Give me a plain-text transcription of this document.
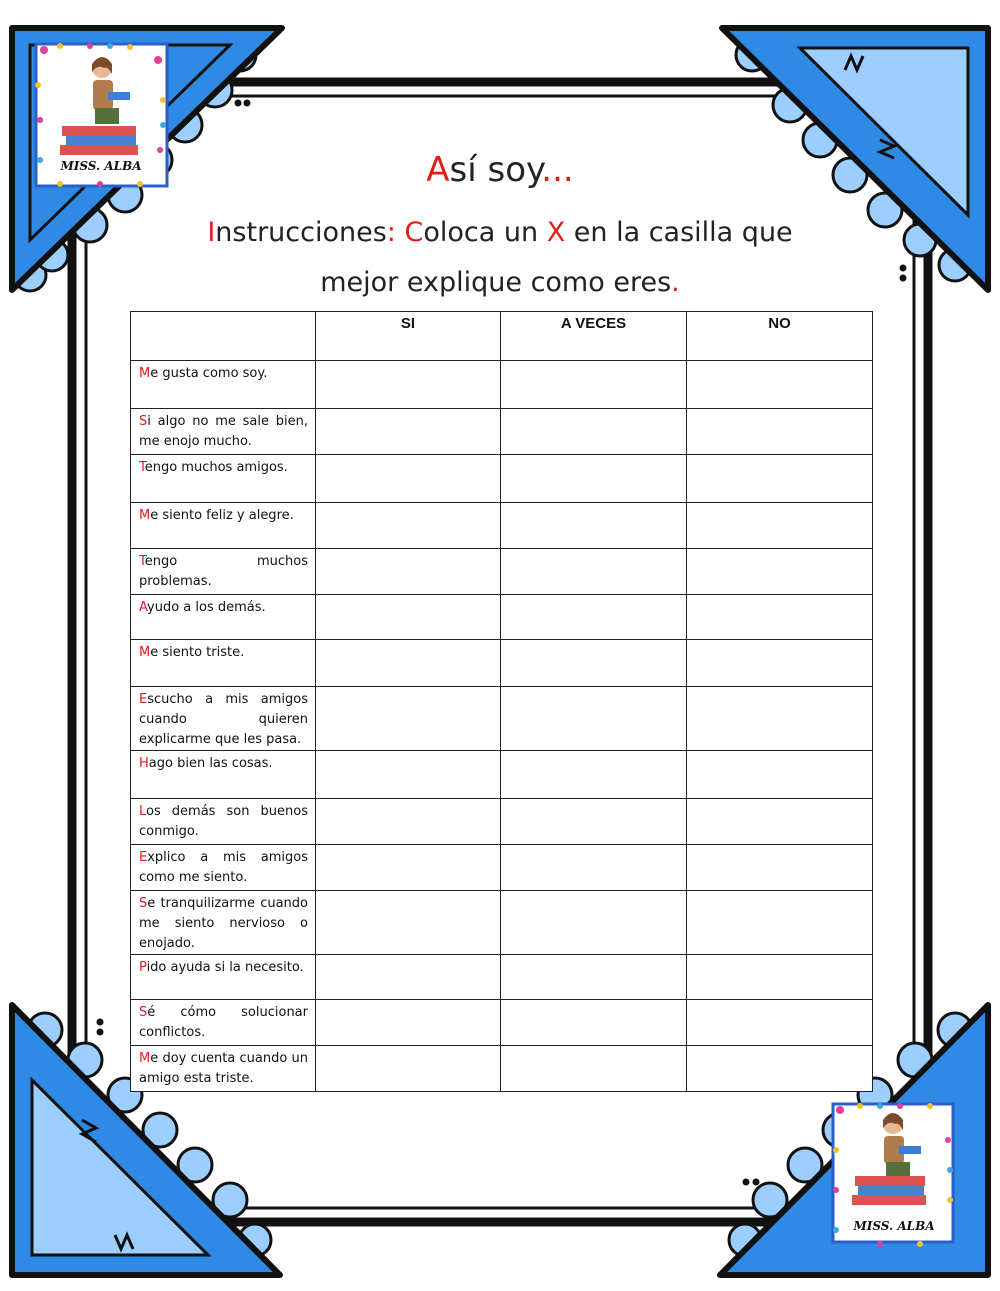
MISS. ALBA
MISS. ALBA
Así soy...
Instrucciones: Coloca un X en la casilla que mejor explique como eres.
	SI	A VECES	NO
Me gusta como soy.			
Si algo no me sale bien, me enojo mucho.			
Tengo muchos amigos.			
Me siento feliz y alegre.			
Tengo muchos problemas.			
Ayudo a los demás.			
Me siento triste.			
Escucho a mis amigos cuando quieren explicarme que les pasa.			
Hago bien las cosas.			
Los demás son buenos conmigo.			
Explico a mis amigos como me siento.			
Se tranquilizarme cuando me siento nervioso o enojado.			
Pido ayuda si la necesito.			
Sé cómo solucionar conflictos.			
Me doy cuenta cuando un amigo esta triste.			
